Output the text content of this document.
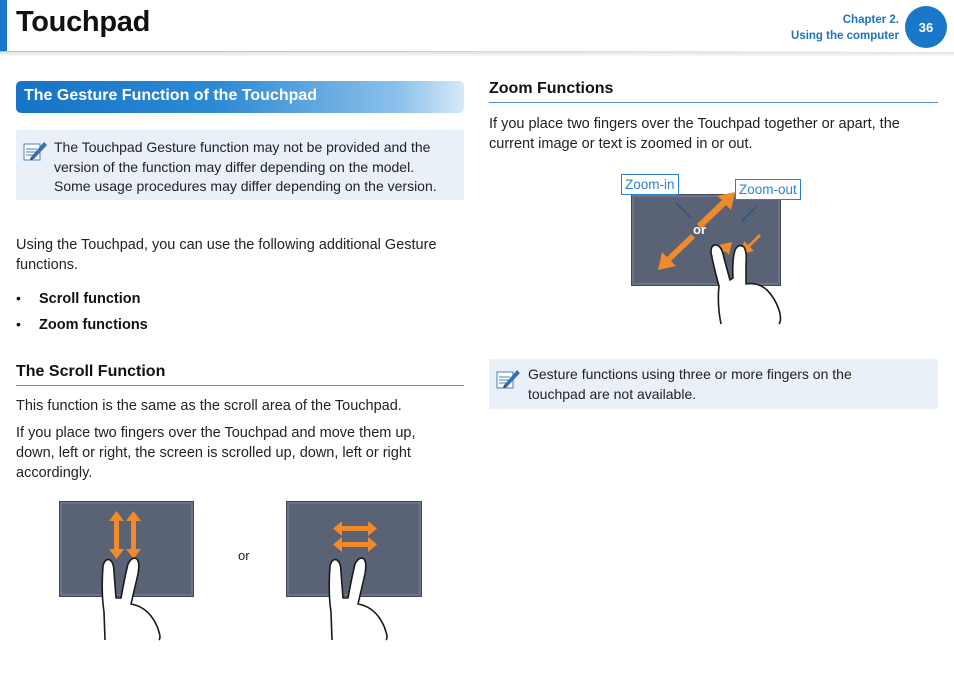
Touchpad	Chapter 2.
Using the computer
36
The Gesture Function of the Touchpad
The Touchpad Gesture function may not be provided and the
version of the function may differ depending on the model.
Some usage procedures may differ depending on the version.
Using the Touchpad, you can use the following additional Gesture
functions.
• Scroll function
• Zoom functions
The Scroll Function
This function is the same as the scroll area of the Touchpad.
If you place two fingers over the Touchpad and move them up,
down, left or right, the screen is scrolled up, down, left or right
accordingly.
or
Zoom Functions
If you place two fingers over the Touchpad together or apart, the
current image or text is zoomed in or out.
Zoom-in	Zoom-out
or
Gesture functions using three or more fingers on the
touchpad are not available.
